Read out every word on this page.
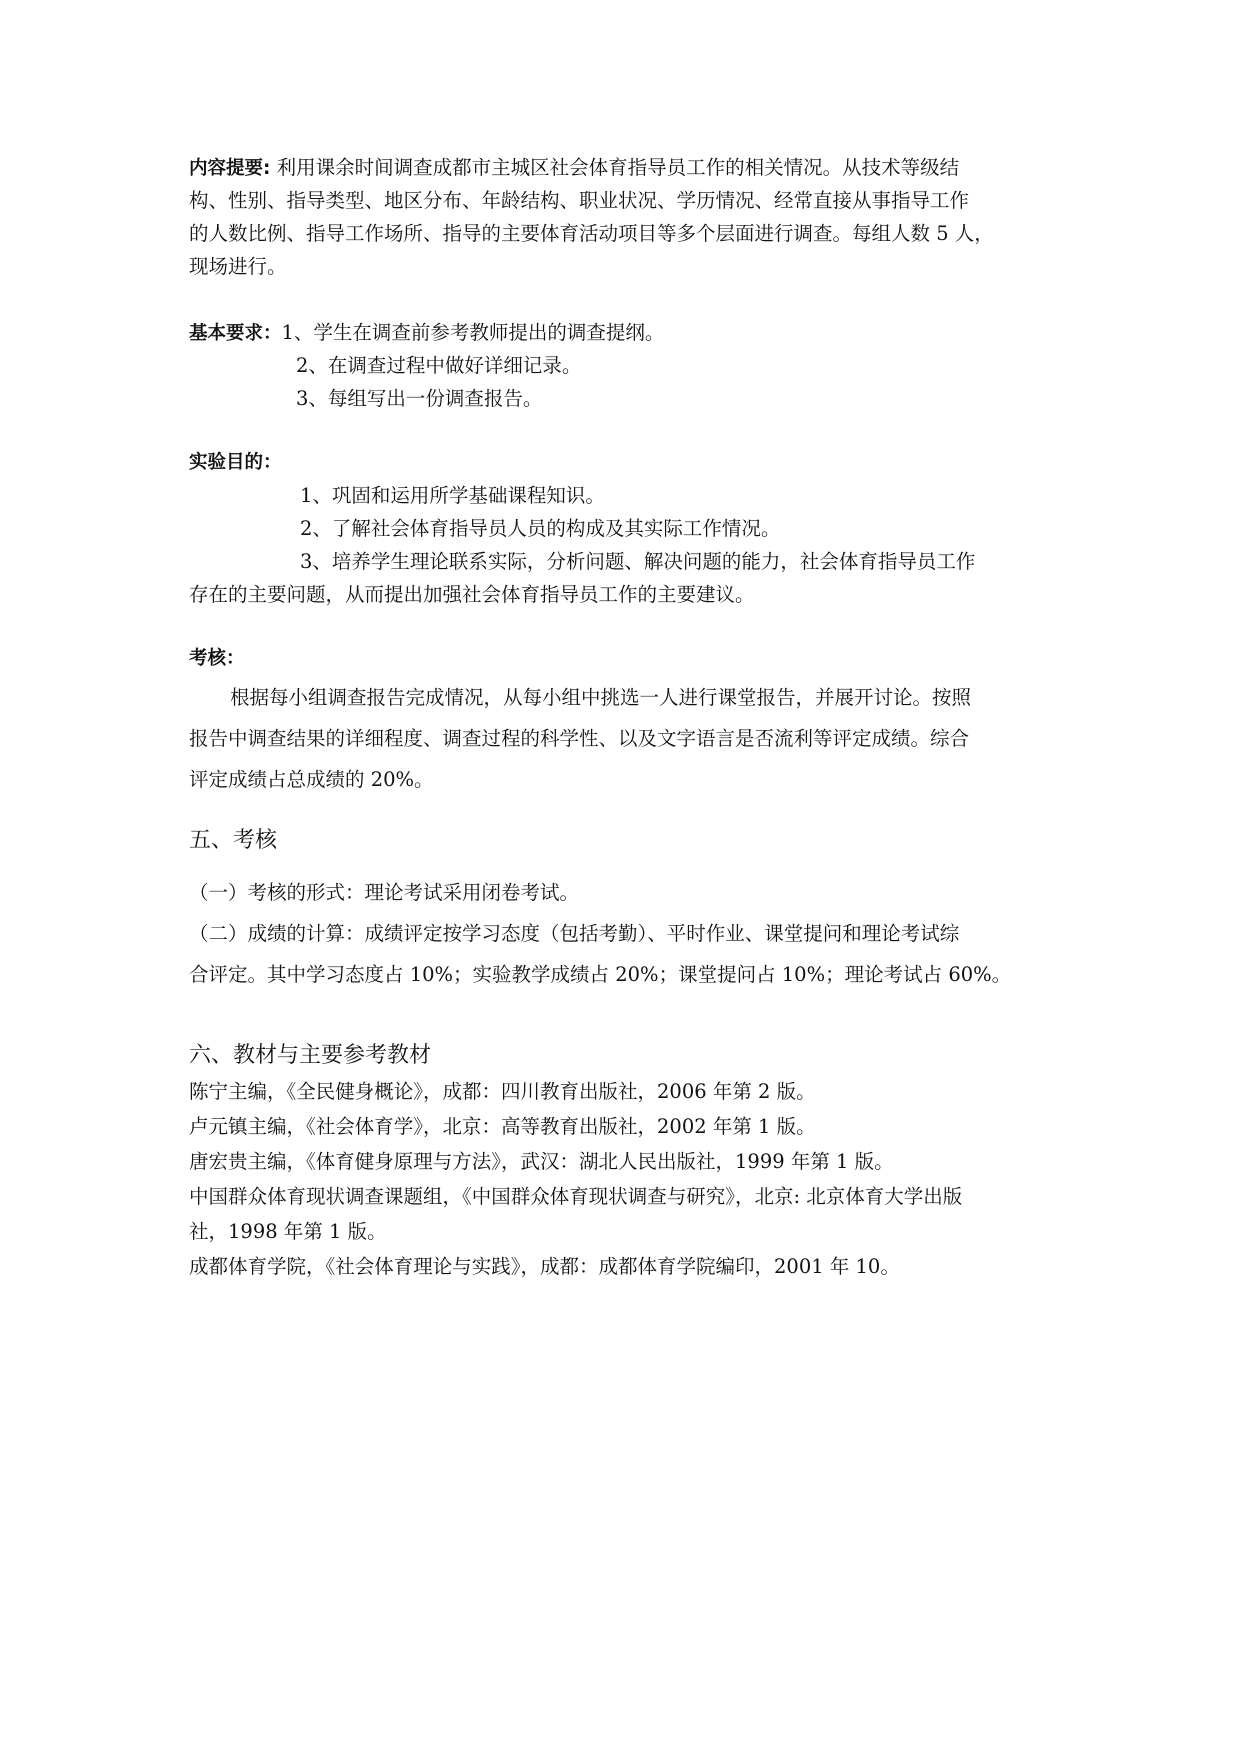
内容提要: 利用课余时间调查成都市主城区社会体育指导员工作的相关情况。从技术等级结
构、性别、指导类型、地区分布、年龄结构、职业状况、学历情况、经常直接从事指导工作
的人数比例、指导工作场所、指导的主要体育活动项目等多个层面进行调查。每组人数 5 人，
现场进行。
基本要求：1、学生在调查前参考教师提出的调查提纲。
2、在调查过程中做好详细记录。
3、每组写出一份调查报告。
实验目的：
1、巩固和运用所学基础课程知识。
2、了解社会体育指导员人员的构成及其实际工作情况。
3、培养学生理论联系实际，分析问题、解决问题的能力，社会体育指导员工作
存在的主要问题，从而提出加强社会体育指导员工作的主要建议。
考核：
根据每小组调查报告完成情况，从每小组中挑选一人进行课堂报告，并展开讨论。按照
报告中调查结果的详细程度、调查过程的科学性、以及文字语言是否流利等评定成绩。综合
评定成绩占总成绩的 20%。
五、考核
（一）考核的形式：理论考试采用闭卷考试。
（二）成绩的计算：成绩评定按学习态度（包括考勤）、平时作业、课堂提问和理论考试综
合评定。其中学习态度占 10%；实验教学成绩占 20%；课堂提问占 10%；理论考试占 60%。
六、教材与主要参考教材
陈宁主编，《全民健身概论》，成都：四川教育出版社，2006 年第 2 版。
卢元镇主编，《社会体育学》，北京：高等教育出版社，2002 年第 1 版。
唐宏贵主编，《体育健身原理与方法》，武汉：湖北人民出版社，1999 年第 1 版。
中国群众体育现状调查课题组，《中国群众体育现状调查与研究》，北京: 北京体育大学出版
社，1998 年第 1 版。
成都体育学院，《社会体育理论与实践》，成都：成都体育学院编印，2001 年 10。
